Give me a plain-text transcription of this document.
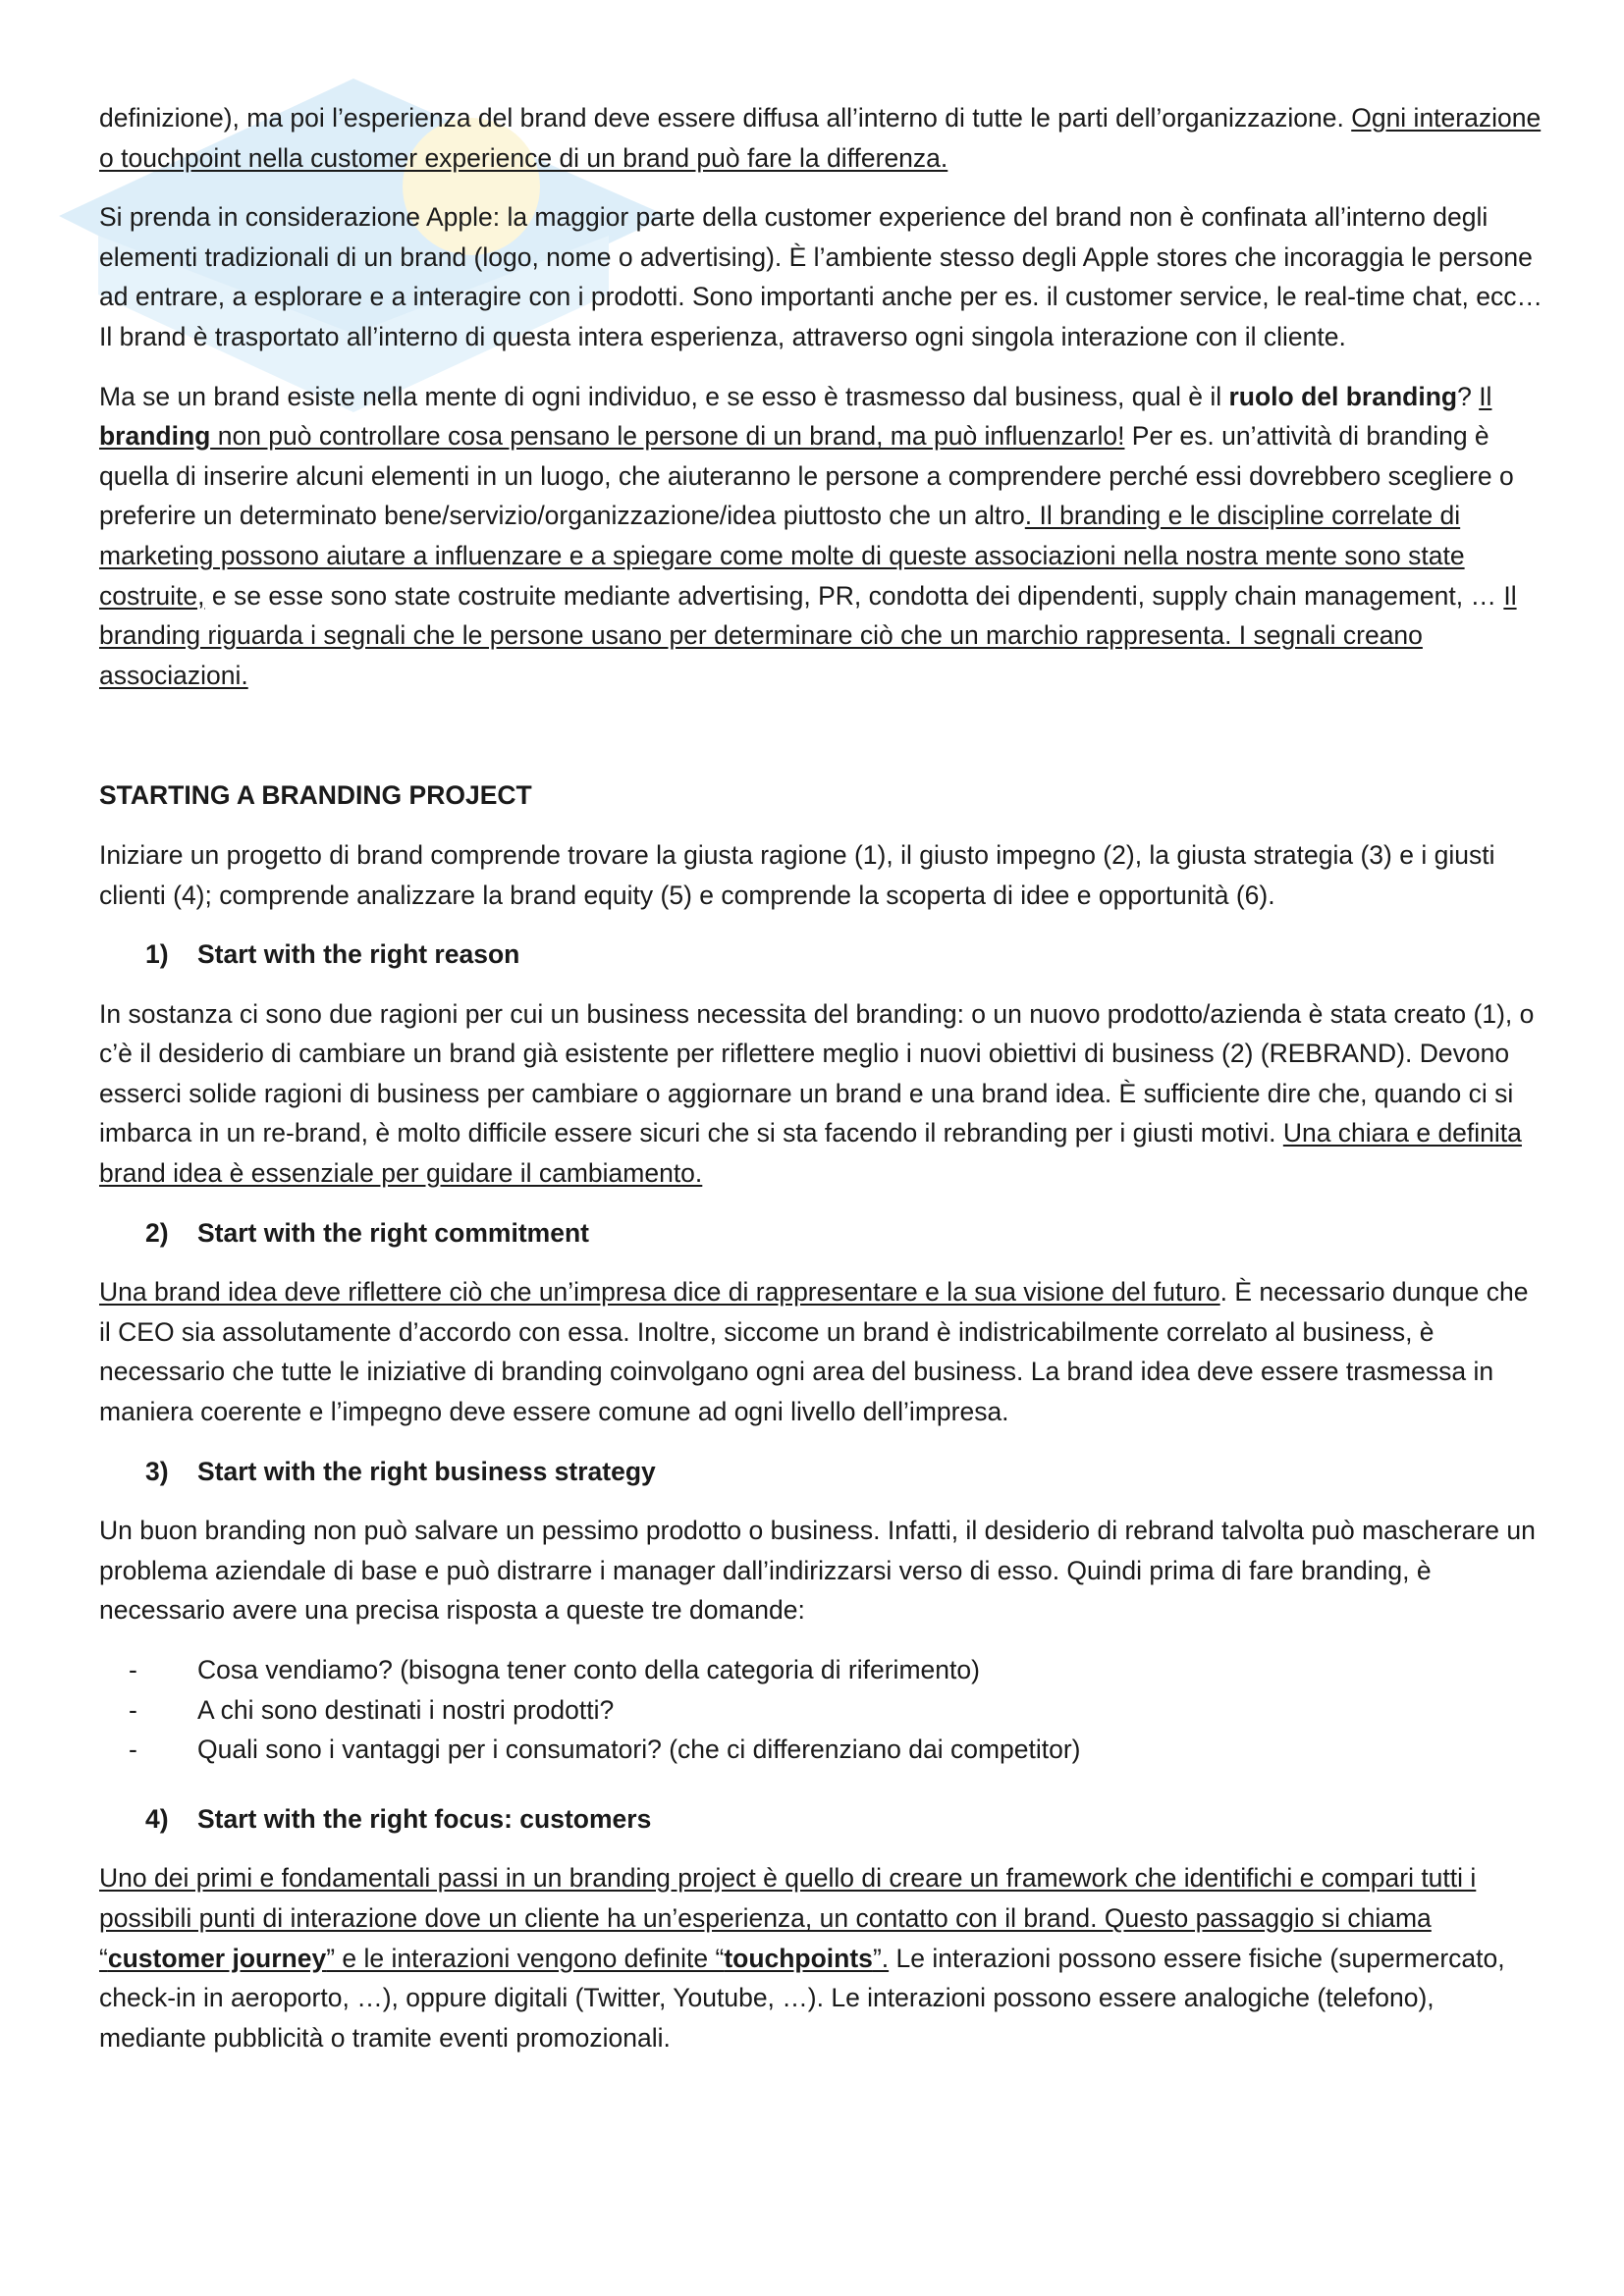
definizione), ma poi l’esperienza del brand deve essere diffusa all’interno di tutte le parti dell’organizzazione. Ogni interazione o touchpoint nella customer experience di un brand può fare la differenza.

Si prenda in considerazione Apple: la maggior parte della customer experience del brand non è confinata all’interno degli elementi tradizionali di un brand (logo, nome o advertising). È l’ambiente stesso degli Apple stores che incoraggia le persone ad entrare, a esplorare e a interagire con i prodotti. Sono importanti anche per es. il customer service, le real-time chat, ecc… Il brand è trasportato all’interno di questa intera esperienza, attraverso ogni singola interazione con il cliente.

Ma se un brand esiste nella mente di ogni individuo, e se esso è trasmesso dal business, qual è il ruolo del branding? Il branding non può controllare cosa pensano le persone di un brand, ma può influenzarlo! Per es. un’attività di branding è quella di inserire alcuni elementi in un luogo, che aiuteranno le persone a comprendere perché essi dovrebbero scegliere o preferire un determinato bene/servizio/organizzazione/idea piuttosto che un altro. Il branding e le discipline correlate di marketing possono aiutare a influenzare e a spiegare come molte di queste associazioni nella nostra mente sono state costruite, e se esse sono state costruite mediante advertising, PR, condotta dei dipendenti, supply chain management, … Il branding riguarda i segnali che le persone usano per determinare ciò che un marchio rappresenta. I segnali creano associazioni.

STARTING A BRANDING PROJECT

Iniziare un progetto di brand comprende trovare la giusta ragione (1), il giusto impegno (2), la giusta strategia (3) e i giusti clienti (4); comprende analizzare la brand equity (5) e comprende la scoperta di idee e opportunità (6).

1)	Start with the right reason

In sostanza ci sono due ragioni per cui un business necessita del branding: o un nuovo prodotto/azienda è stata creato (1), o c’è il desiderio di cambiare un brand già esistente per riflettere meglio i nuovi obiettivi di business (2) (REBRAND). Devono esserci solide ragioni di business per cambiare o aggiornare un brand e una brand idea. È sufficiente dire che, quando ci si imbarca in un re-brand, è molto difficile essere sicuri che si sta facendo il rebranding per i giusti motivi. Una chiara e definita brand idea è essenziale per guidare il cambiamento.

2)	Start with the right commitment

Una brand idea deve riflettere ciò che un’impresa dice di rappresentare e la sua visione del futuro. È necessario dunque che il CEO sia assolutamente d’accordo con essa. Inoltre, siccome un brand è indistricabilmente correlato al business, è necessario che tutte le iniziative di branding coinvolgano ogni area del business. La brand idea deve essere trasmessa in maniera coerente e l’impegno deve essere comune ad ogni livello dell’impresa.

3)	Start with the right business strategy

Un buon branding non può salvare un pessimo prodotto o business. Infatti, il desiderio di rebrand talvolta può mascherare un problema aziendale di base e può distrarre i manager dall’indirizzarsi verso di esso. Quindi prima di fare branding, è necessario avere una precisa risposta a queste tre domande:

-	Cosa vendiamo? (bisogna tener conto della categoria di riferimento)
-	A chi sono destinati i nostri prodotti?
-	Quali sono i vantaggi per i consumatori? (che ci differenziano dai competitor)
4)	Start with the right focus: customers

Uno dei primi e fondamentali passi in un branding project è quello di creare un framework che identifichi e compari tutti i possibili punti di interazione dove un cliente ha un’esperienza, un contatto con il brand. Questo passaggio si chiama “customer journey” e le interazioni vengono definite “touchpoints”. Le interazioni possono essere fisiche (supermercato, check-in in aeroporto, …), oppure digitali (Twitter, Youtube, …). Le interazioni possono essere analogiche (telefono), mediante pubblicità o tramite eventi promozionali.
